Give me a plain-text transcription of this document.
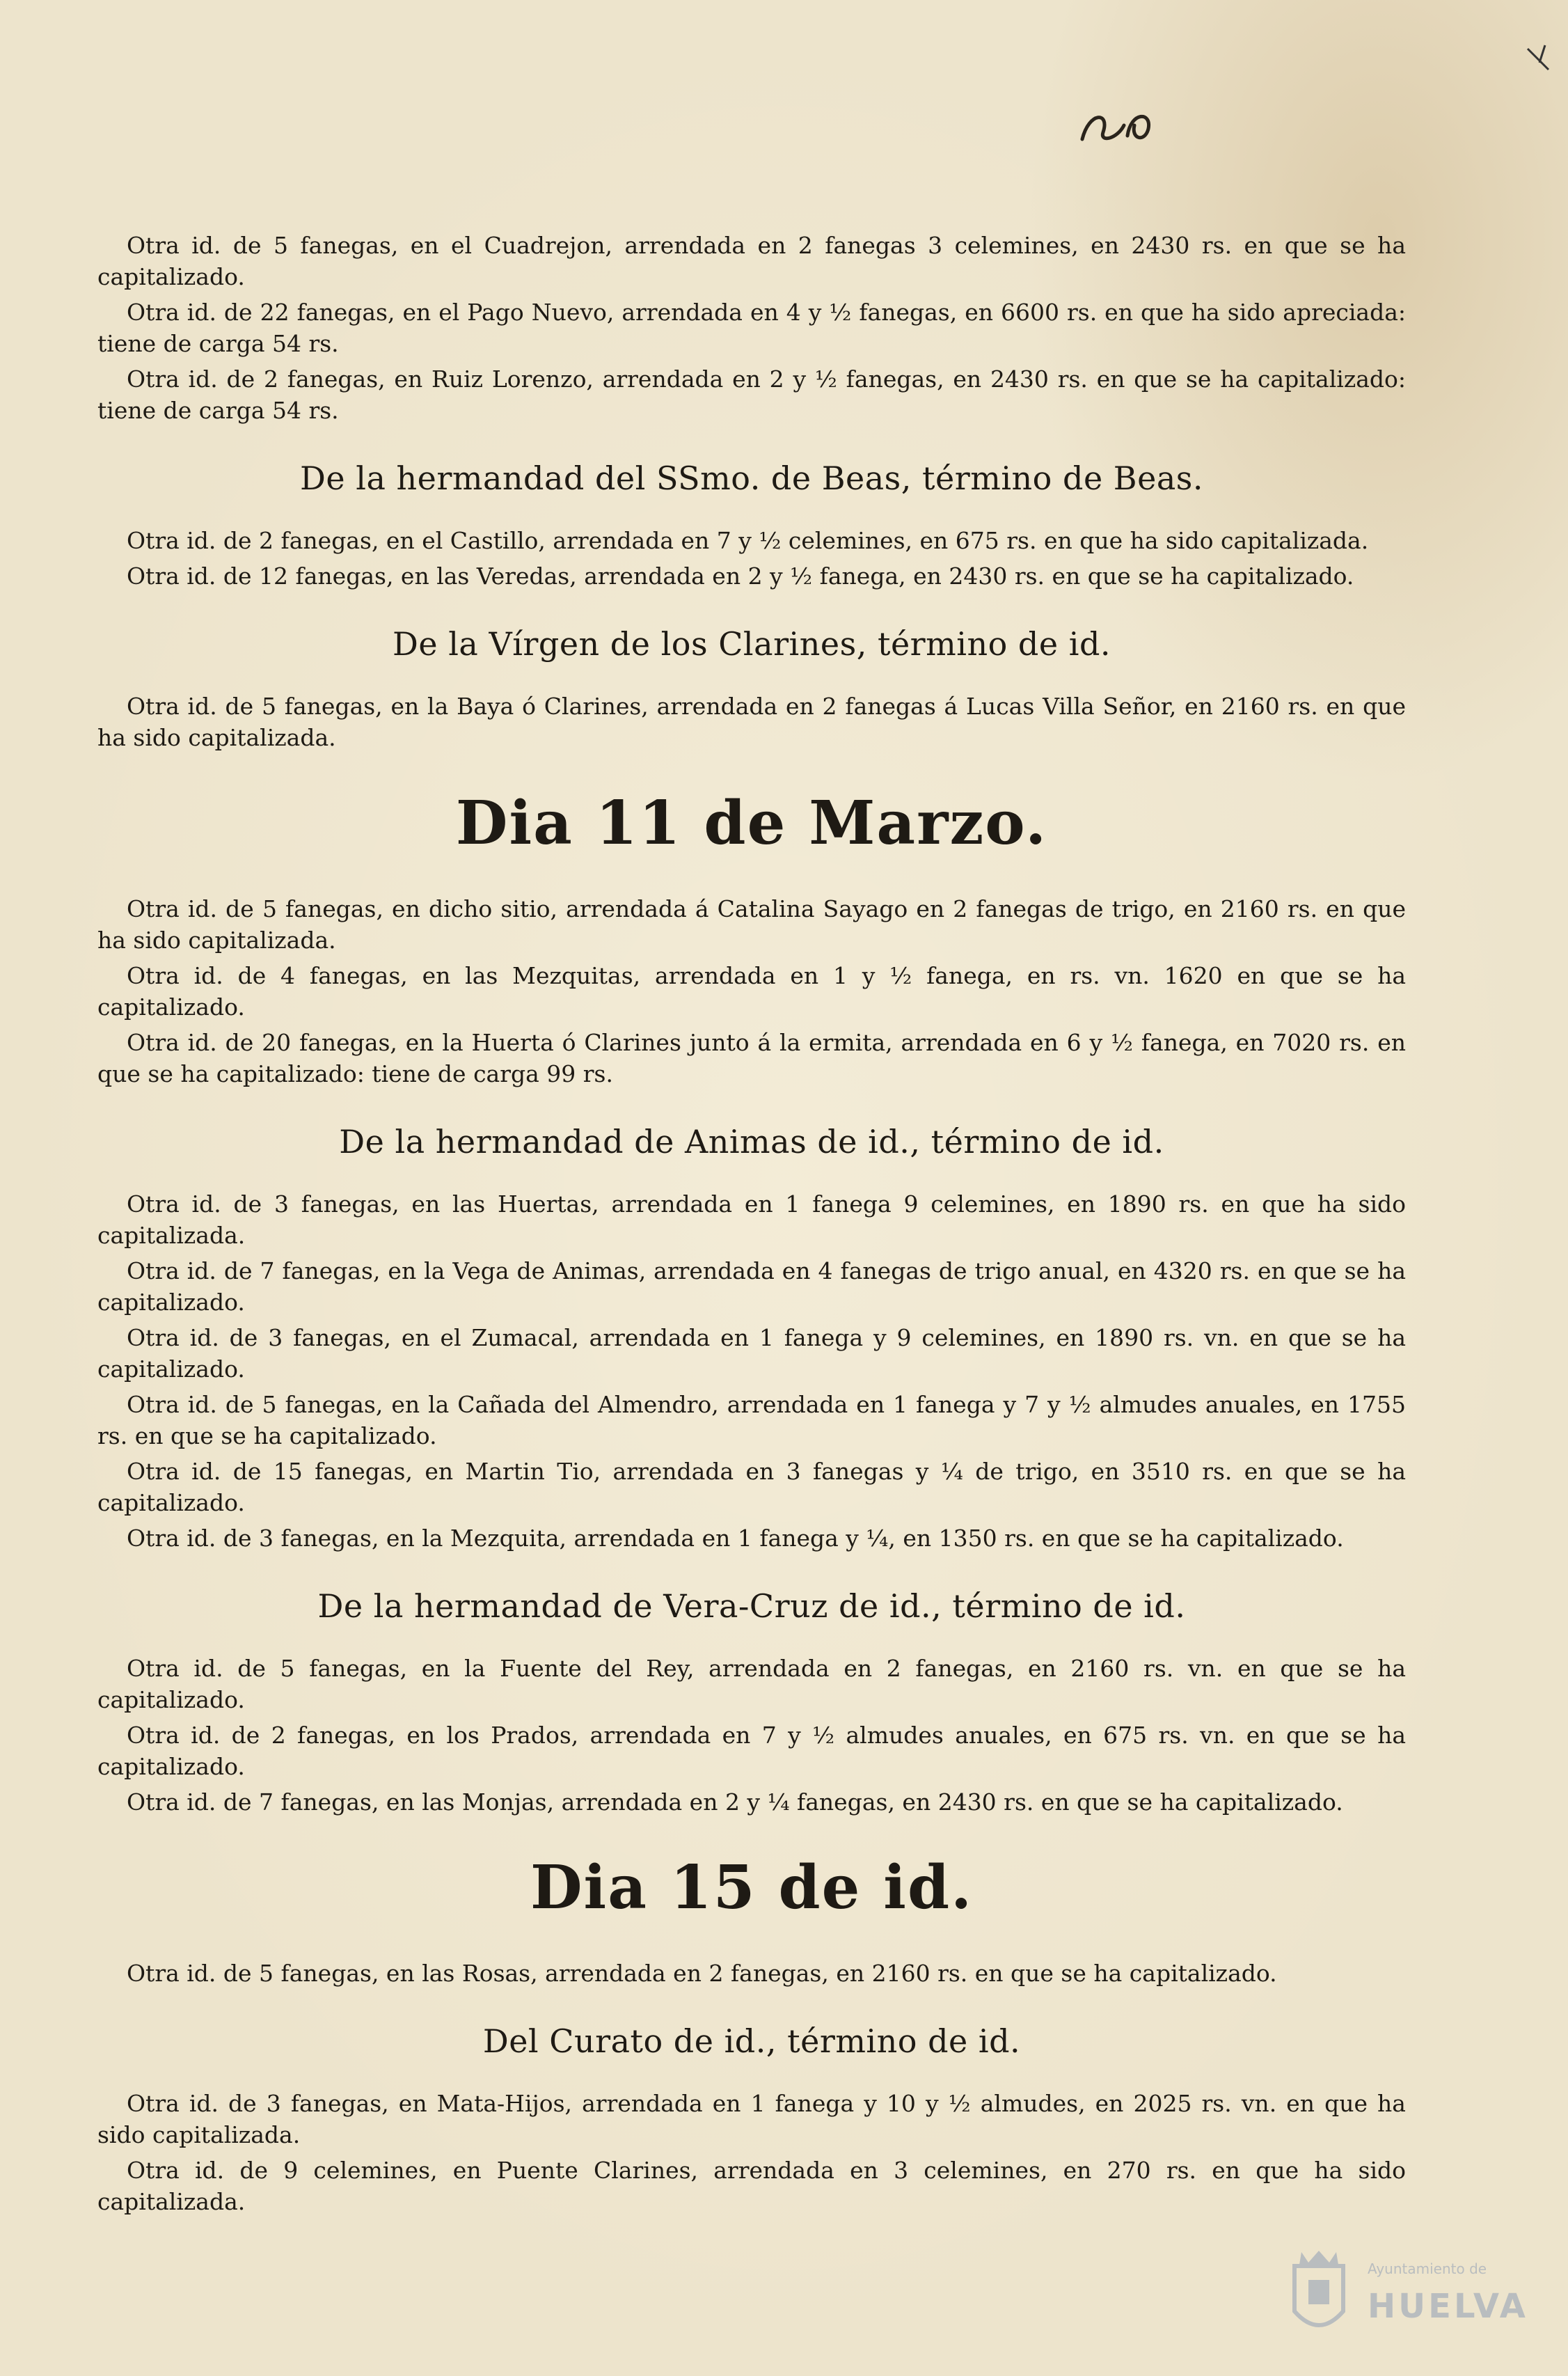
Otra id. de 5 fanegas, en el Cuadrejon, arrendada en 2 fanegas 3 celemines, en 2430 rs. en que se ha capitalizado.

Otra id. de 22 fanegas, en el Pago Nuevo, arrendada en 4 y ½ fanegas, en 6600 rs. en que ha sido apreciada: tiene de carga 54 rs.

Otra id. de 2 fanegas, en Ruiz Lorenzo, arrendada en 2 y ½ fanegas, en 2430 rs. en que se ha capitalizado: tiene de carga 54 rs.

De la hermandad del SSmo. de Beas, término de Beas.

Otra id. de 2 fanegas, en el Castillo, arrendada en 7 y ½ celemines, en 675 rs. en que ha sido capitalizada.

Otra id. de 12 fanegas, en las Veredas, arrendada en 2 y ½ fanega, en 2430 rs. en que se ha capitalizado.

De la Vírgen de los Clarines, término de id.

Otra id. de 5 fanegas, en la Baya ó Clarines, arrendada en 2 fanegas á Lucas Villa Señor, en 2160 rs. en que ha sido capitalizada.

Dia 11 de Marzo.

Otra id. de 5 fanegas, en dicho sitio, arrendada á Catalina Sayago en 2 fanegas de trigo, en 2160 rs. en que ha sido capitalizada.

Otra id. de 4 fanegas, en las Mezquitas, arrendada en 1 y ½ fanega, en rs. vn. 1620 en que se ha capitalizado.

Otra id. de 20 fanegas, en la Huerta ó Clarines junto á la ermita, arrendada en 6 y ½ fanega, en 7020 rs. en que se ha capitalizado: tiene de carga 99 rs.

De la hermandad de Animas de id., término de id.

Otra id. de 3 fanegas, en las Huertas, arrendada en 1 fanega 9 celemines, en 1890 rs. en que ha sido capitalizada.

Otra id. de 7 fanegas, en la Vega de Animas, arrendada en 4 fanegas de trigo anual, en 4320 rs. en que se ha capitalizado.

Otra id. de 3 fanegas, en el Zumacal, arrendada en 1 fanega y 9 celemines, en 1890 rs. vn. en que se ha capitalizado.

Otra id. de 5 fanegas, en la Cañada del Almendro, arrendada en 1 fanega y 7 y ½ almudes anuales, en 1755 rs. en que se ha capitalizado.

Otra id. de 15 fanegas, en Martin Tio, arrendada en 3 fanegas y ¼ de trigo, en 3510 rs. en que se ha capitalizado.

Otra id. de 3 fanegas, en la Mezquita, arrendada en 1 fanega y ¼, en 1350 rs. en que se ha capitalizado.

De la hermandad de Vera-Cruz de id., término de id.

Otra id. de 5 fanegas, en la Fuente del Rey, arrendada en 2 fanegas, en 2160 rs. vn. en que se ha capitalizado.

Otra id. de 2 fanegas, en los Prados, arrendada en 7 y ½ almudes anuales, en 675 rs. vn. en que se ha capitalizado.

Otra id. de 7 fanegas, en las Monjas, arrendada en 2 y ¼ fanegas, en 2430 rs. en que se ha capitalizado.

Dia 15 de id.

Otra id. de 5 fanegas, en las Rosas, arrendada en 2 fanegas, en 2160 rs. en que se ha capitalizado.

Del Curato de id., término de id.

Otra id. de 3 fanegas, en Mata-Hijos, arrendada en 1 fanega y 10 y ½ almudes, en 2025 rs. vn. en que ha sido capitalizada.

Otra id. de 9 celemines, en Puente Clarines, arrendada en 3 celemines, en 270 rs. en que ha sido capitalizada.

Ayuntamiento de
HUELVA
